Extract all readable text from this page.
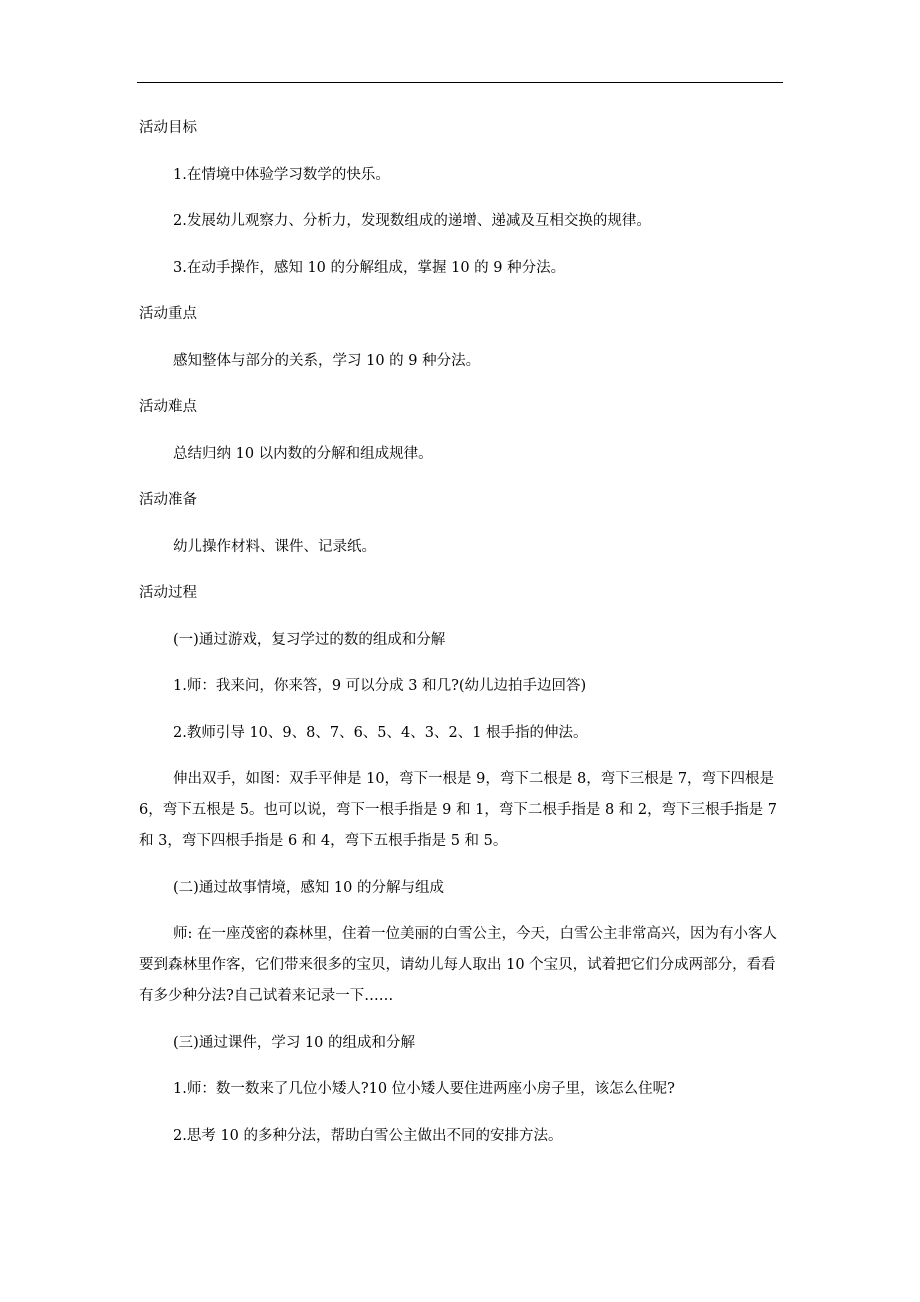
活动目标

1.在情境中体验学习数学的快乐。

2.发展幼儿观察力、分析力，发现数组成的递增、递减及互相交换的规律。

3.在动手操作，感知 10 的分解组成，掌握 10 的 9 种分法。

活动重点

感知整体与部分的关系，学习 10 的 9 种分法。

活动难点

总结归纳 10 以内数的分解和组成规律。

活动准备

幼儿操作材料、课件、记录纸。

活动过程

(一)通过游戏，复习学过的数的组成和分解

1.师：我来问，你来答，9 可以分成 3 和几?(幼儿边拍手边回答)

2.教师引导 10、9、8、7、6、5、4、3、2、1 根手指的伸法。

伸出双手，如图：双手平伸是 10，弯下一根是 9，弯下二根是 8，弯下三根是 7，弯下四根是 6，弯下五根是 5。也可以说，弯下一根手指是 9 和 1，弯下二根手指是 8 和 2，弯下三根手指是 7 和 3，弯下四根手指是 6 和 4，弯下五根手指是 5 和 5。

(二)通过故事情境，感知 10 的分解与组成

师: 在一座茂密的森林里，住着一位美丽的白雪公主，今天，白雪公主非常高兴，因为有小客人要到森林里作客，它们带来很多的宝贝，请幼儿每人取出 10 个宝贝，试着把它们分成两部分，看看有多少种分法?自己试着来记录一下……

(三)通过课件，学习 10 的组成和分解

1.师：数一数来了几位小矮人?10 位小矮人要住进两座小房子里，该怎么住呢?

2.思考 10 的多种分法，帮助白雪公主做出不同的安排方法。
